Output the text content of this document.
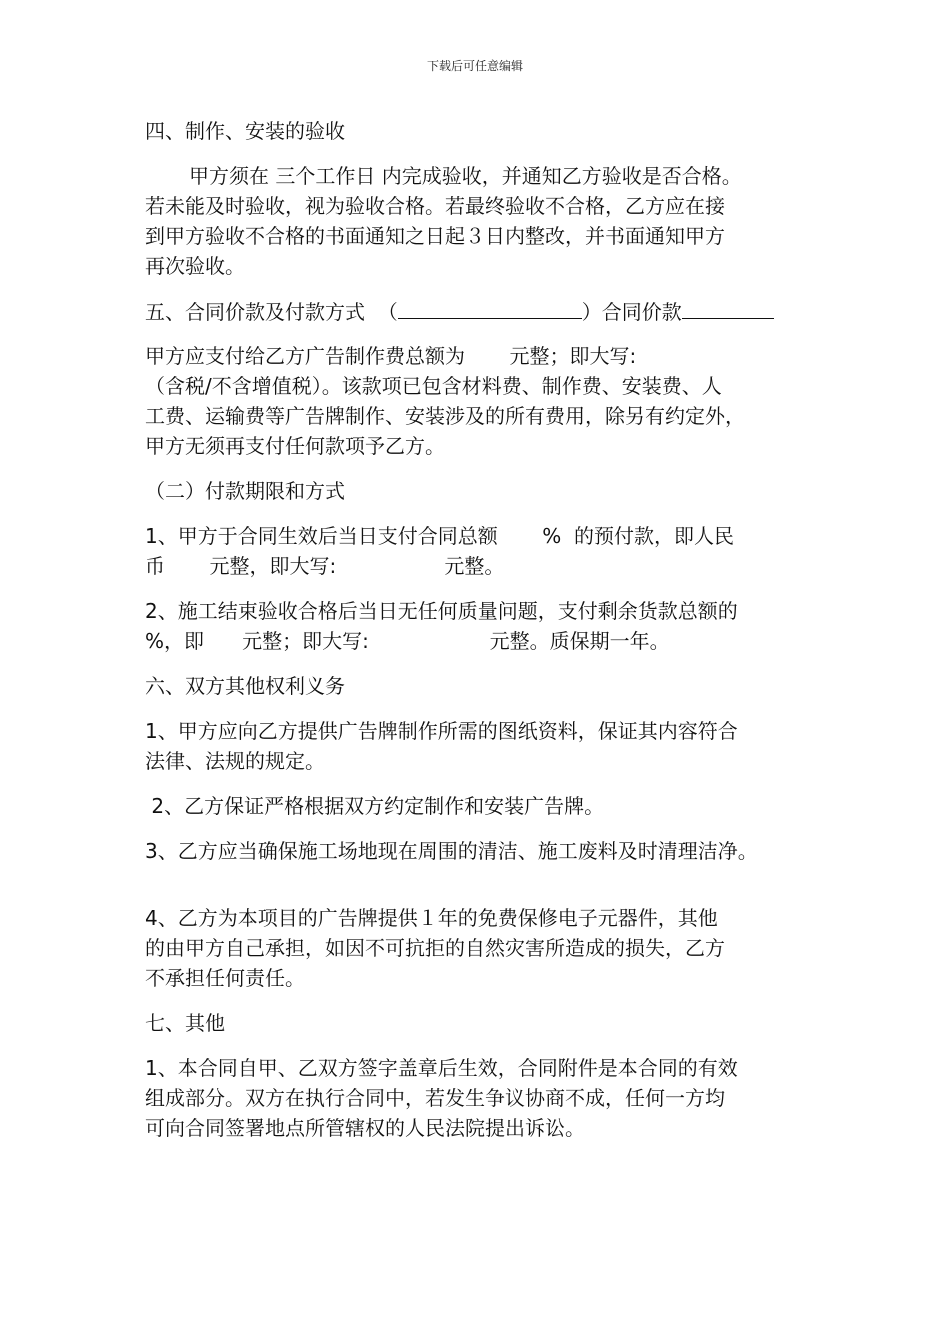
下载后可任意编辑
四、制作、安装的验收
甲方须在 三个工作日 内完成验收，并通知乙方验收是否合格。
若未能及时验收，视为验收合格。若最终验收不合格，乙方应在接
到甲方验收不合格的书面通知之日起３日内整改，并书面通知甲方
再次验收。
五、合同价款及付款方式  （	）合同价款
甲方应支付给乙方广告制作费总额为       元整；即大写:
（含税/不含增值税）。该款项已包含材料费、制作费、安装费、人
工费、运输费等广告牌制作、安装涉及的所有费用，除另有约定外，
甲方无须再支付任何款项予乙方。
（二）付款期限和方式
1、甲方于合同生效后当日支付合同总额       %  的预付款，即人民
币       元整，即大写:                 元整。
2、施工结束验收合格后当日无任何质量问题，支付剩余货款总额的
%，即      元整；即大写:                   元整。质保期一年。
六、双方其他权利义务
1、甲方应向乙方提供广告牌制作所需的图纸资料，保证其内容符合
法律、法规的规定。
2、乙方保证严格根据双方约定制作和安装广告牌。
3、乙方应当确保施工场地现在周围的清洁、施工废料及时清理洁净。
4、乙方为本项目的广告牌提供１年的免费保修电子元器件，其他
的由甲方自己承担，如因不可抗拒的自然灾害所造成的损失，乙方
不承担任何责任。
七、其他
1、本合同自甲、乙双方签字盖章后生效，合同附件是本合同的有效
组成部分。双方在执行合同中，若发生争议协商不成，任何一方均
可向合同签署地点所管辖权的人民法院提出诉讼。
